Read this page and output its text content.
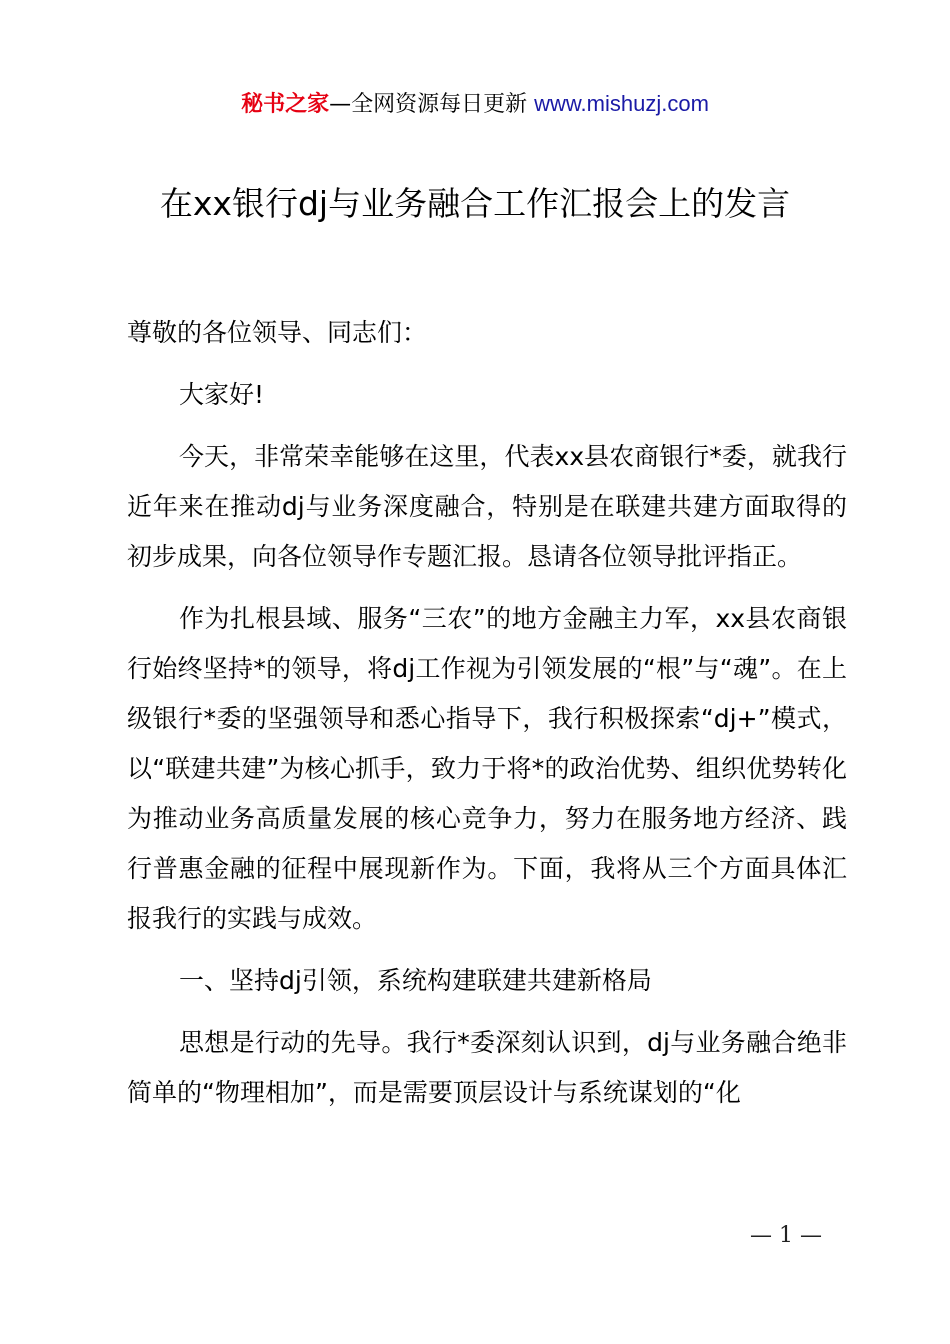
秘书之家—全网资源每日更新 www.mishuzj.com
在xx银行dj与业务融合工作汇报会上的发言

尊敬的各位领导、同志们：

大家好!

今天，非常荣幸能够在这里，代表xx县农商银行*委，就我行近年来在推动dj与业务深度融合，特别是在联建共建方面取得的初步成果，向各位领导作专题汇报。恳请各位领导批评指正。

作为扎根县域、服务“三农”的地方金融主力军，xx县农商银行始终坚持*的领导，将dj工作视为引领发展的“根”与“魂”。在上级银行*委的坚强领导和悉心指导下，我行积极探索“dj+”模式，以“联建共建”为核心抓手，致力于将*的政治优势、组织优势转化为推动业务高质量发展的核心竞争力，努力在服务地方经济、践行普惠金融的征程中展现新作为。下面，我将从三个方面具体汇报我行的实践与成效。

一、坚持dj引领，系统构建联建共建新格局

思想是行动的先导。我行*委深刻认识到，dj与业务融合绝非简单的“物理相加”，而是需要顶层设计与系统谋划的“化

— 1 —
